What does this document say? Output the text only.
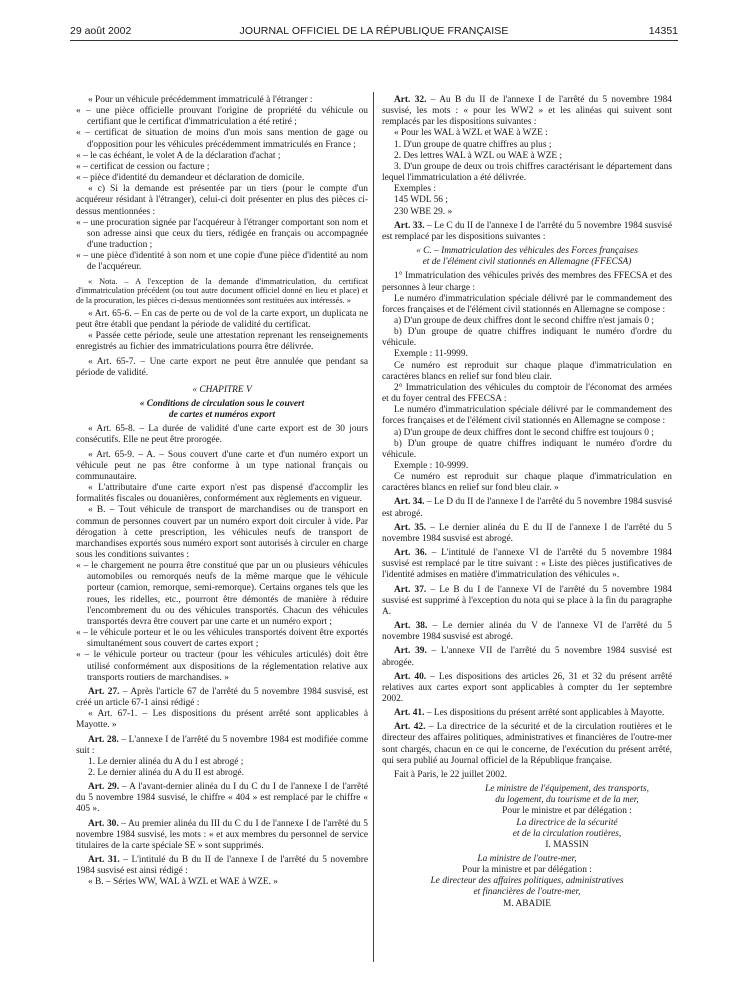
29 août 2002	JOURNAL OFFICIEL DE LA RÉPUBLIQUE FRANÇAISE	14351

« Pour un véhicule précédemment immatriculé à l'étranger :

« – une pièce officielle prouvant l'origine de propriété du véhicule ou certifiant que le certificat d'immatriculation a été retiré ;

« – certificat de situation de moins d'un mois sans mention de gage ou d'opposition pour les véhicules précédemment immatriculés en France ;

« – le cas échéant, le volet A de la déclaration d'achat ;

« – certificat de cession ou facture ;

« – pièce d'identité du demandeur et déclaration de domicile.

« c) Si la demande est présentée par un tiers (pour le compte d'un acquéreur résidant à l'étranger), celui-ci doit présenter en plus des pièces ci-dessus mentionnées :

« – une procuration signée par l'acquéreur à l'étranger comportant son nom et son adresse ainsi que ceux du tiers, rédigée en français ou accompagnée d'une traduction ;

« – une pièce d'identité à son nom et une copie d'une pièce d'identité au nom de l'acquéreur.

« Nota. – A l'exception de la demande d'immatriculation, du certificat d'immatriculation précédent (ou tout autre document officiel donné en lieu et place) et de la procuration, les pièces ci-dessus mentionnées sont restituées aux intéressés. »

« Art. 65-6. – En cas de perte ou de vol de la carte export, un duplicata ne peut être établi que pendant la période de validité du certificat.

« Passée cette période, seule une attestation reprenant les renseignements enregistrés au fichier des immatriculations pourra être délivrée.

« Art. 65-7. – Une carte export ne peut être annulée que pendant sa période de validité.

« CHAPITRE V

« Conditions de circulation sous le couvert

de cartes et numéros export

« Art. 65-8. – La durée de validité d'une carte export est de 30 jours consécutifs. Elle ne peut être prorogée.

« Art. 65-9. – A. – Sous couvert d'une carte et d'un numéro export un véhicule peut ne pas être conforme à un type national français ou communautaire.

« L'attributaire d'une carte export n'est pas dispensé d'accomplir les formalités fiscales ou douanières, conformément aux règlements en vigueur.

« B. – Tout véhicule de transport de marchandises ou de transport en commun de personnes couvert par un numéro export doit circuler à vide. Par dérogation à cette prescription, les véhicules neufs de transport de marchandises exportés sous numéro export sont autorisés à circuler en charge sous les conditions suivantes :

« – le chargement ne pourra être constitué que par un ou plusieurs véhicules automobiles ou remorqués neufs de la même marque que le véhicule porteur (camion, remorque, semi-remorque). Certains organes tels que les roues, les ridelles, etc., pourront être démontés de manière à réduire l'encombrement du ou des véhicules transportés. Chacun des véhicules transportés devra être couvert par une carte et un numéro export ;

« – le véhicule porteur et le ou les véhicules transportés doivent être exportés simultanément sous couvert de cartes export ;

« – le véhicule porteur ou tracteur (pour les véhicules articulés) doit être utilisé conformément aux dispositions de la réglementation relative aux transports routiers de marchandises. »

Art. 27. – Après l'article 67 de l'arrêté du 5 novembre 1984 susvisé, est créé un article 67-1 ainsi rédigé :

« Art. 67-1. – Les dispositions du présent arrêté sont applicables à Mayotte. »

Art. 28. – L'annexe I de l'arrêté du 5 novembre 1984 est modifiée comme suit :

1. Le dernier alinéa du A du I est abrogé ;

2. Le dernier alinéa du A du II est abrogé.

Art. 29. – A l'avant-dernier alinéa du I du C du I de l'annexe I de l'arrêté du 5 novembre 1984 susvisé, le chiffre « 404 » est remplacé par le chiffre « 405 ».

Art. 30. – Au premier alinéa du III du C du I de l'annexe I de l'arrêté du 5 novembre 1984 susvisé, les mots : « et aux membres du personnel de service titulaires de la carte spéciale SE » sont supprimés.

Art. 31. – L'intitulé du B du II de l'annexe I de l'arrêté du 5 novembre 1984 susvisé est ainsi rédigé :

« B. – Séries WW, WAL à WZL et WAE à WZE. »

Art. 32. – Au B du II de l'annexe I de l'arrêté du 5 novembre 1984 susvisé, les mots : « pour les WW2 » et les alinéas qui suivent sont remplacés par les dispositions suivantes :

« Pour les WAL à WZL et WAE à WZE :

1. D'un groupe de quatre chiffres au plus ;

2. Des lettres WAL à WZL ou WAE à WZE ;

3. D'un groupe de deux ou trois chiffres caractérisant le département dans lequel l'immatriculation a été délivrée.

Exemples :

145 WDL 56 ;

230 WBE 29. »

Art. 33. – Le C du II de l'annexe I de l'arrêté du 5 novembre 1984 susvisé est remplacé par les dispositions suivantes :

« C. – Immatriculation des véhicules des Forces françaises

et de l'élément civil stationnés en Allemagne (FFECSA)

1° Immatriculation des véhicules privés des membres des FFECSA et des personnes à leur charge :

Le numéro d'immatriculation spéciale délivré par le commandement des forces françaises et de l'élément civil stationnés en Allemagne se compose :

a) D'un groupe de deux chiffres dont le second chiffre n'est jamais 0 ;

b) D'un groupe de quatre chiffres indiquant le numéro d'ordre du véhicule.

Exemple : 11-9999.

Ce numéro est reproduit sur chaque plaque d'immatriculation en caractères blancs en relief sur fond bleu clair.

2° Immatriculation des véhicules du comptoir de l'économat des armées et du foyer central des FFECSA :

Le numéro d'immatriculation spéciale délivré par le commandement des forces françaises et de l'élément civil stationnés en Allemagne se compose :

a) D'un groupe de deux chiffres dont le second chiffre est toujours 0 ;

b) D'un groupe de quatre chiffres indiquant le numéro d'ordre du véhicule.

Exemple : 10-9999.

Ce numéro est reproduit sur chaque plaque d'immatriculation en caractères blancs en relief sur fond bleu clair. »

Art. 34. – Le D du II de l'annexe I de l'arrêté du 5 novembre 1984 susvisé est abrogé.

Art. 35. – Le dernier alinéa du E du II de l'annexe I de l'arrêté du 5 novembre 1984 susvisé est abrogé.

Art. 36. – L'intitulé de l'annexe VI de l'arrêté du 5 novembre 1984 susvisé est remplacé par le titre suivant : « Liste des pièces justificatives de l'identité admises en matière d'immatriculation des véhicules ».

Art. 37. – Le B du I de l'annexe VI de l'arrêté du 5 novembre 1984 susvisé est supprimé à l'exception du nota qui se place à la fin du paragraphe A.

Art. 38. – Le dernier alinéa du V de l'annexe VI de l'arrêté du 5 novembre 1984 susvisé est abrogé.

Art. 39. – L'annexe VII de l'arrêté du 5 novembre 1984 susvisé est abrogée.

Art. 40. – Les dispositions des articles 26, 31 et 32 du présent arrêté relatives aux cartes export sont applicables à compter du 1er septembre 2002.

Art. 41. – Les dispositions du présent arrêté sont applicables à Mayotte.

Art. 42. – La directrice de la sécurité et de la circulation routières et le directeur des affaires politiques, administratives et financières de l'outre-mer sont chargés, chacun en ce qui le concerne, de l'exécution du présent arrêté, qui sera publié au Journal officiel de la République française.

Fait à Paris, le 22 juillet 2002.

Le ministre de l'équipement, des transports,

du logement, du tourisme et de la mer,

Pour le ministre et par délégation :

La directrice de la sécurité

et de la circulation routières,

I. MASSIN

La ministre de l'outre-mer,

Pour la ministre et par délégation :

Le directeur des affaires politiques, administratives

et financières de l'outre-mer,

M. ABADIE
